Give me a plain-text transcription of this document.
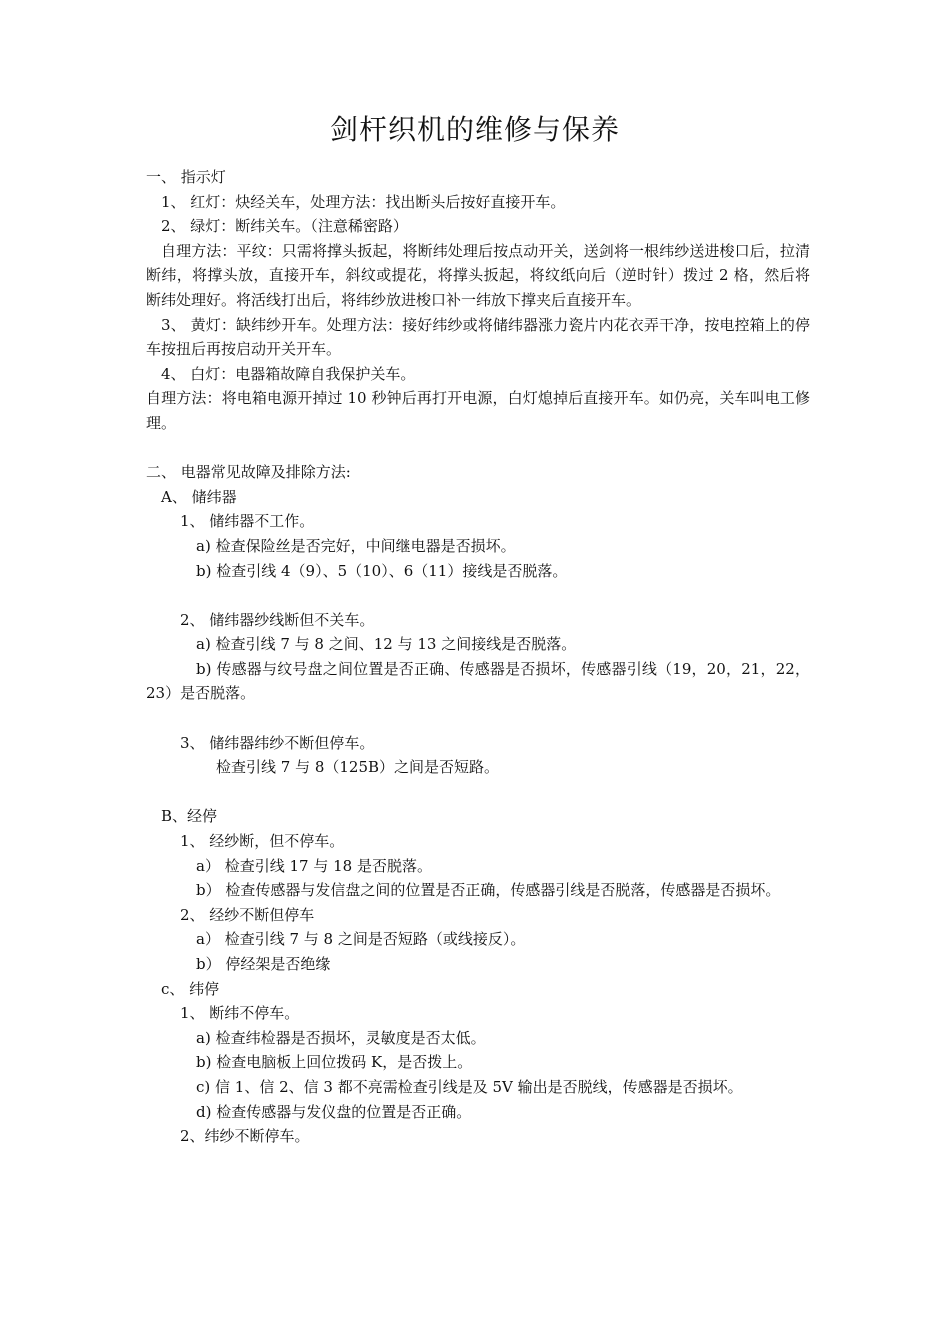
剑杆织机的维修与保养

一、 指示灯

1、 红灯：炔经关车，处理方法：找出断头后按好直接开车。

2、 绿灯：断纬关车。（注意稀密路）

自理方法：平纹：只需将撑头扳起，将断纬处理后按点动开关，送剑将一根纬纱送进梭口后，拉清断纬，将撑头放，直接开车，斜纹或提花，将撑头扳起，将纹纸向后（逆时针）拨过 2 格，然后将断纬处理好。将活线打出后，将纬纱放进梭口补一纬放下撑夹后直接开车。

3、 黄灯：缺纬纱开车。处理方法：接好纬纱或将储纬器涨力瓷片内花衣弄干净，按电控箱上的停车按扭后再按启动开关开车。

4、 白灯：电器箱故障自我保护关车。

自理方法：将电箱电源开掉过 10 秒钟后再打开电源，白灯熄掉后直接开车。如仍亮，关车叫电工修理。

二、 电器常见故障及排除方法:

A、 储纬器

1、 储纬器不工作。

a) 检查保险丝是否完好，中间继电器是否损坏。

b) 检查引线 4（9）、5（10）、6（11）接线是否脱落。

2、 储纬器纱线断但不关车。

a) 检查引线 7 与 8 之间、12 与 13 之间接线是否脱落。

b) 传感器与纹号盘之间位置是否正确、传感器是否损坏，传感器引线（19，20，21，22，23）是否脱落。

3、 储纬器纬纱不断但停车。

检查引线 7 与 8（125B）之间是否短路。

B、经停

1、 经纱断，但不停车。

a） 检查引线 17 与 18 是否脱落。

b） 检查传感器与发信盘之间的位置是否正确，传感器引线是否脱落，传感器是否损坏。

2、 经纱不断但停车

a） 检查引线 7 与 8 之间是否短路（或线接反）。

b） 停经架是否绝缘

c、 纬停

1、 断纬不停车。

a) 检查纬检器是否损坏，灵敏度是否太低。

b) 检查电脑板上回位拨码 K，是否拨上。

c) 信 1、信 2、信 3 都不亮需检查引线是及 5V 输出是否脱线，传感器是否损坏。

d) 检查传感器与发仪盘的位置是否正确。

2、纬纱不断停车。
